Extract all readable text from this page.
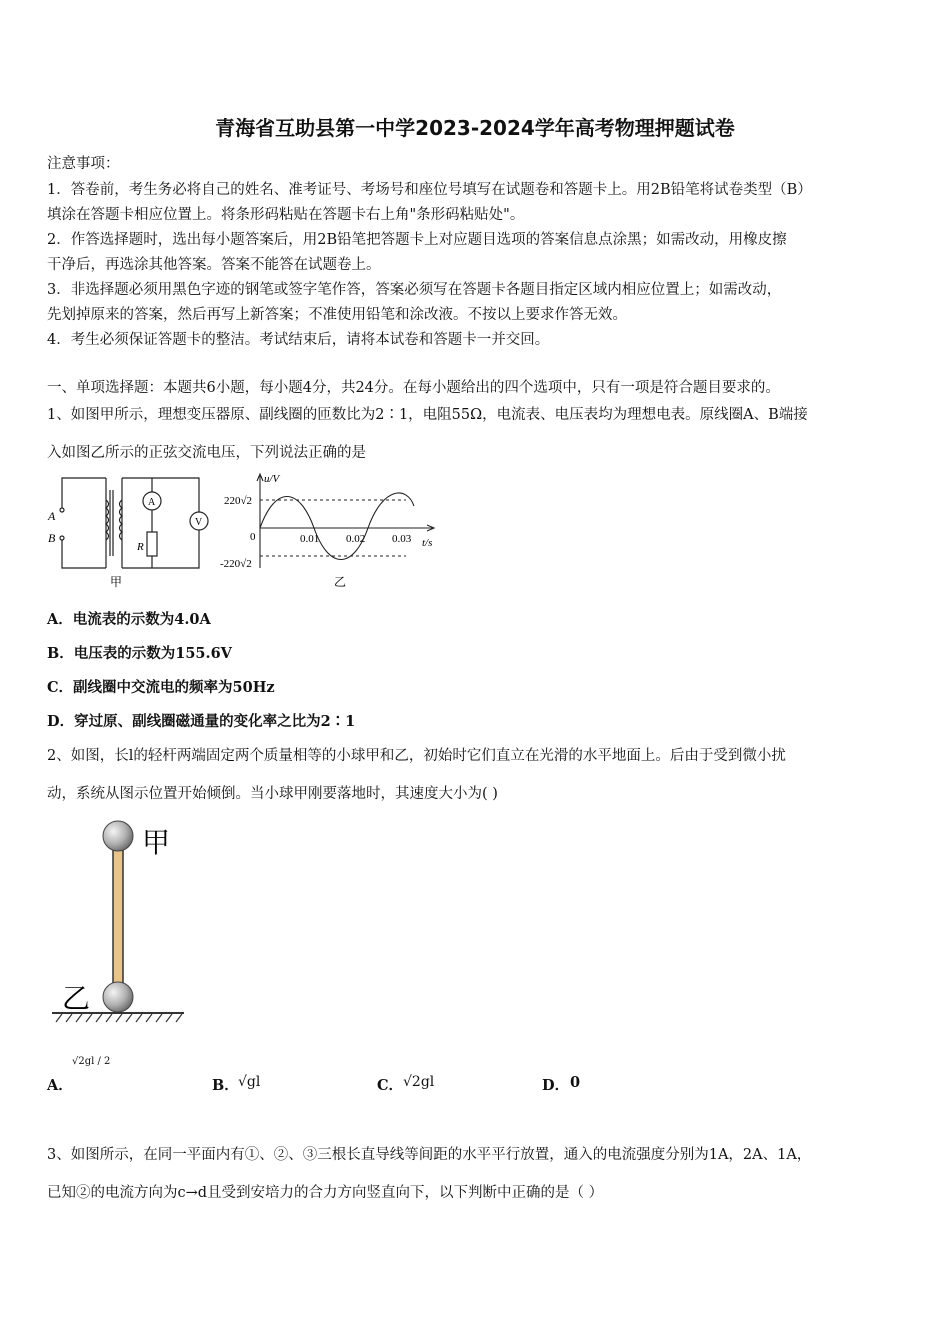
青海省互助县第一中学2023-2024学年高考物理押题试卷
注意事项：
1．答卷前，考生务必将自己的姓名、准考证号、考场号和座位号填写在试题卷和答题卡上。用2B铅笔将试卷类型（B）
填涂在答题卡相应位置上。将条形码粘贴在答题卡右上角"条形码粘贴处"。
2．作答选择题时，选出每小题答案后，用2B铅笔把答题卡上对应题目选项的答案信息点涂黑；如需改动，用橡皮擦
干净后，再选涂其他答案。答案不能答在试题卷上。
3．非选择题必须用黑色字迹的钢笔或签字笔作答，答案必须写在答题卡各题目指定区域内相应位置上；如需改动，
先划掉原来的答案，然后再写上新答案；不准使用铅笔和涂改液。不按以上要求作答无效。
4．考生必须保证答题卡的整洁。考试结束后，请将本试卷和答题卡一并交回。
一、单项选择题：本题共6小题，每小题4分，共24分。在每小题给出的四个选项中，只有一项是符合题目要求的。
1、如图甲所示，理想变压器原、副线圈的匝数比为2∶1，电阻55Ω，电流表、电压表均为理想电表。原线圈A、B端接
入如图乙所示的正弦交流电压，下列说法正确的是
A
B
A
V
R
甲
u/V
t/s
220√2
-220√2
0	0.01 0.02 0.03
乙
A．电流表的示数为4.0A
B．电压表的示数为155.6V
C．副线圈中交流电的频率为50Hz
D．穿过原、副线圈磁通量的变化率之比为2∶1
2、如图，长l的轻杆两端固定两个质量相等的小球甲和乙，初始时它们直立在光滑的水平地面上。后由于受到微小扰
动，系统从图示位置开始倾倒。当小球甲刚要落地时，其速度大小为( )
甲
乙
A．
√2gl / 2
B． √gl	C． √2gl	D． 0
3、如图所示，在同一平面内有①、②、③三根长直导线等间距的水平平行放置，通入的电流强度分别为1A，2A、1A，
已知②的电流方向为c→d且受到安培力的合力方向竖直向下，以下判断中正确的是（ ）
